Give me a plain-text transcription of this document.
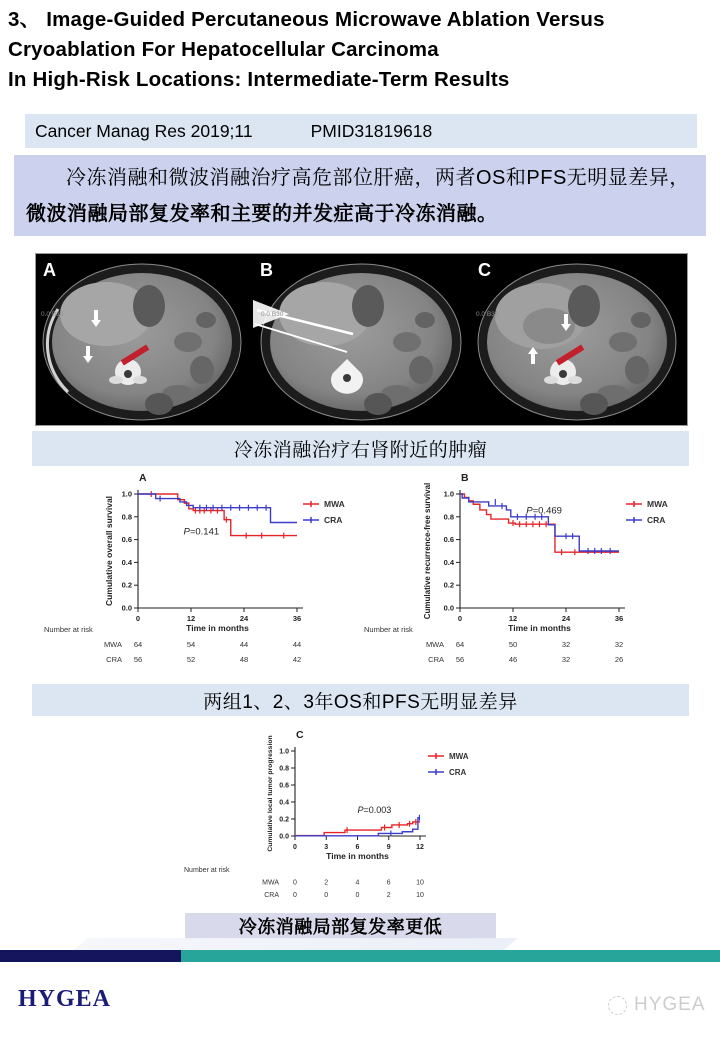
3、 Image-Guided Percutaneous Microwave Ablation Versus
Cryoablation For Hepatocellular Carcinoma
In High-Risk Locations: Intermediate-Term Results
Cancer Manag Res 2019;11	PMID31819618
冷冻消融和微波消融治疗高危部位肝癌，两者OS和PFS无明显差异，微波消融局部复发率和主要的并发症高于冷冻消融。
0.0 B30
A
0.0 B30
B
0.0 B30
C
冷冻消融治疗右肾附近的肿瘤
0.0
0.2
0.4
0.6
0.8
1.0
0	12	24	36
Time in months
Cumulative overall survival
A
MWA
CRA
P=0.141
Number at risk
MWA 64	54	44	44
CRA 56	52	48	42
0.0
0.2
0.4
0.6
0.8
1.0
0	12	24	36
Time in months
Cumulative recurrence-free survival
B
MWA
CRA
P=0.469
Number at risk
MWA 64	50	32	32
CRA 56	46	32	26
两组1、2、3年OS和PFS无明显差异
0.0
0.2
0.4
0.6
0.8
1.0
0	3	6	9	12
Time in months
Cumulative local tumor progression
C
MWA
CRA
P=0.003
Number at risk
MWA 0	2	4	6	10
CRA 0	0	0	2	10
冷冻消融局部复发率更低
HYGEA	HYGEA
